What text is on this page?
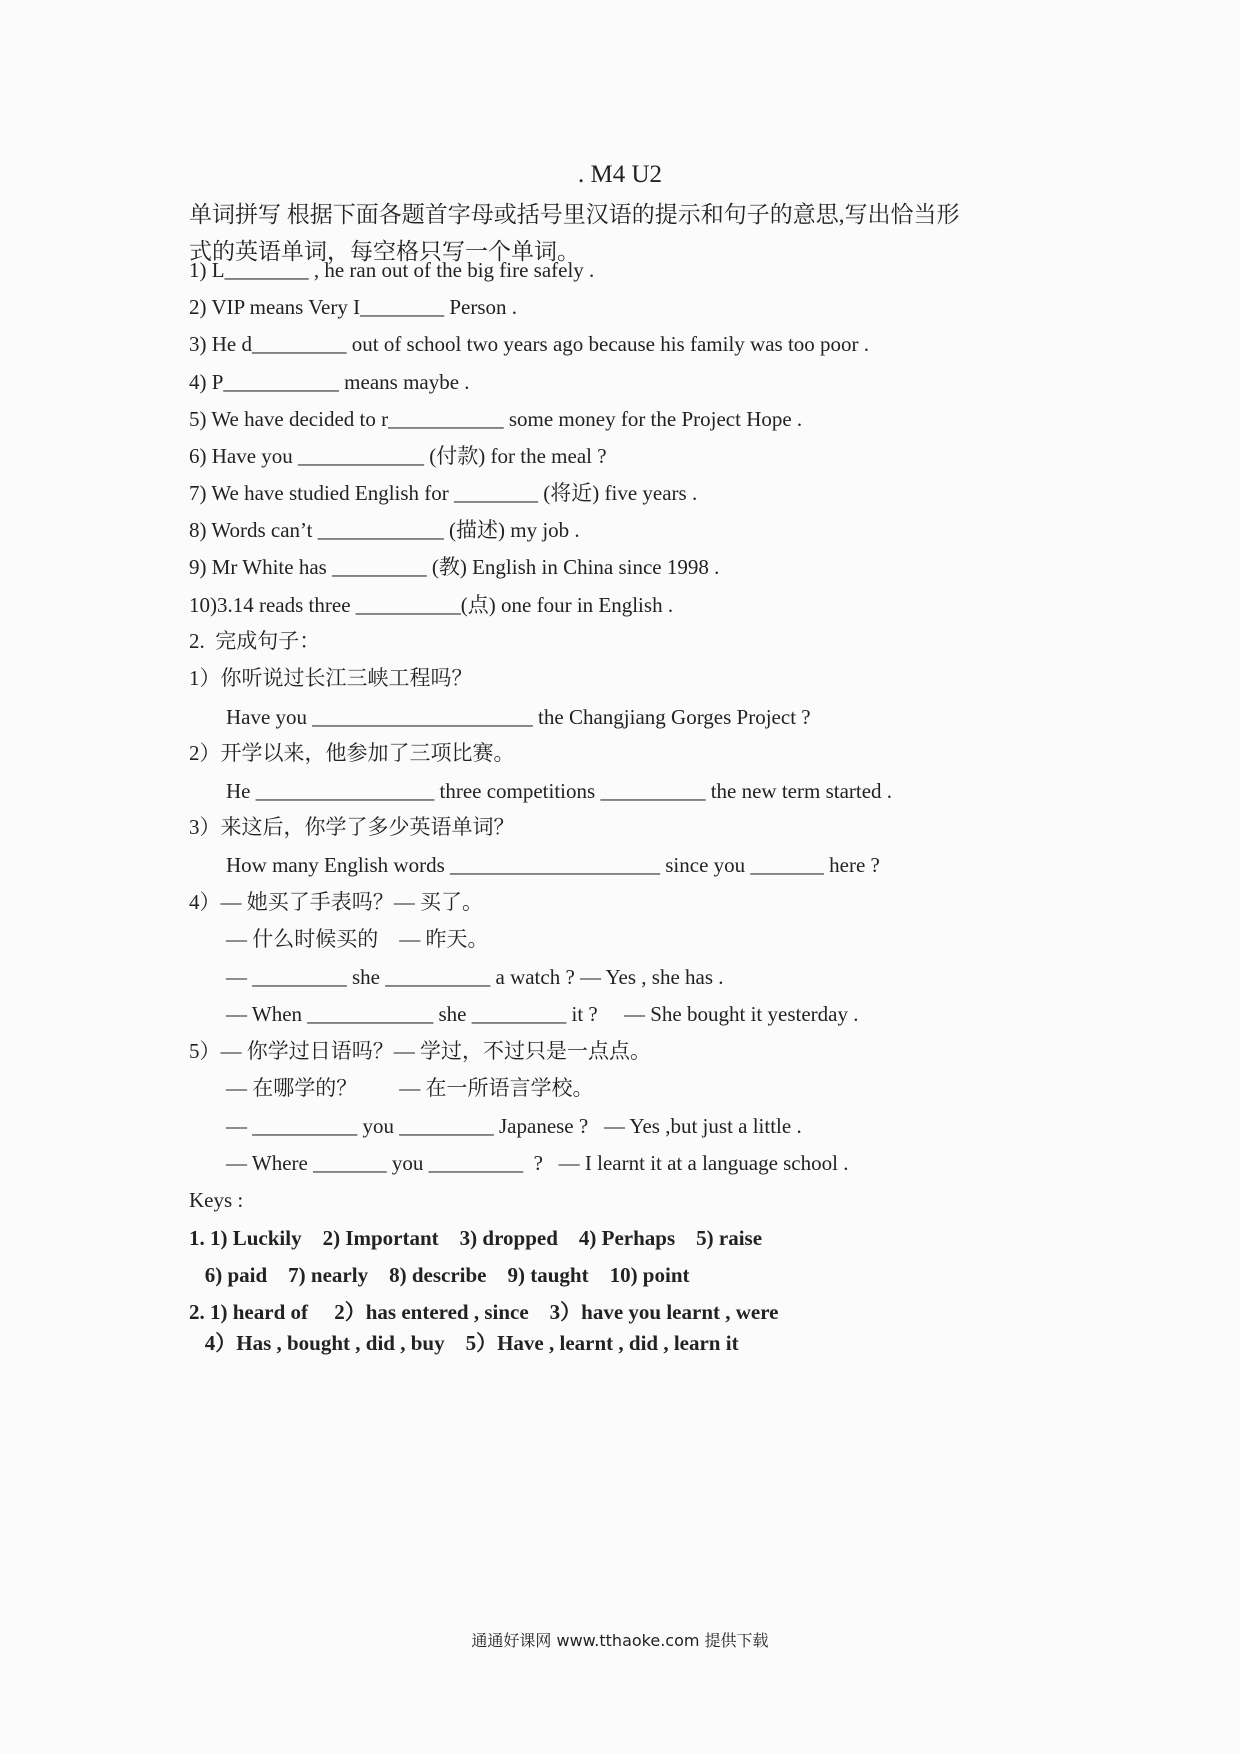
. M4 U2
单词拼写 根据下面各题首字母或括号里汉语的提示和句子的意思,写出恰当形
式的英语单词，每空格只写一个单词。
1) L________ , he ran out of the big fire safely .
2) VIP means Very I________ Person .
3) He d_________ out of school two years ago because his family was too poor .
4) P___________ means maybe .
5) We have decided to r___________ some money for the Project Hope .
6) Have you ____________ (付款) for the meal ?
7) We have studied English for ________ (将近) five years .
8) Words can’t ____________ (描述) my job .
9) Mr White has _________ (教) English in China since 1998 .
10)3.14 reads three __________(点) one four in English .
2.  完成句子：
1）你听说过长江三峡工程吗？
Have you _____________________ the Changjiang Gorges Project ?
2）开学以来，他参加了三项比赛。
He _________________ three competitions __________ the new term started .
3）来这后，你学了多少英语单词？
How many English words ____________________ since you _______ here ?
4）— 她买了手表吗？— 买了。
— 什么时候买的    — 昨天。
— _________ she __________ a watch ? — Yes , she has .
— When ____________ she _________ it ?     — She bought it yesterday .
5）— 你学过日语吗？— 学过，不过只是一点点。
— 在哪学的？        — 在一所语言学校。
— __________ you _________ Japanese ?   — Yes ,but just a little .
— Where _______ you _________  ?   — I learnt it at a language school .
Keys :
1. 1) Luckily    2) Important    3) dropped    4) Perhaps    5) raise
6) paid    7) nearly    8) describe    9) taught    10) point
2. 1) heard of     2）has entered , since    3）have you learnt , were
4）Has , bought , did , buy    5）Have , learnt , did , learn it
通通好课网 www.tthaoke.com 提供下载
